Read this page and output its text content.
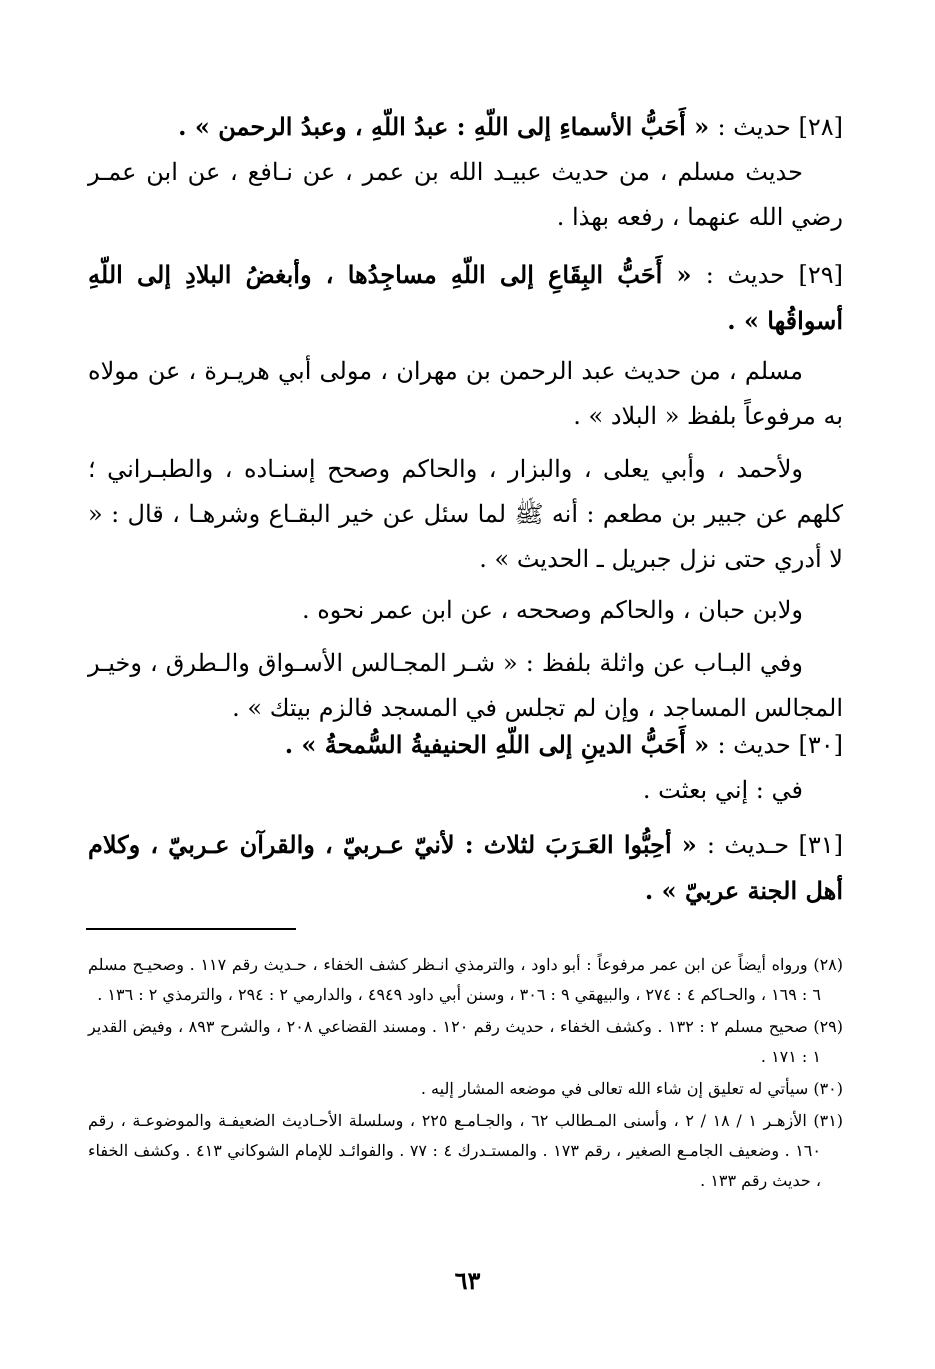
[٢٨] حديث : « أَحَبُّ الأسماءِ إلى اللّهِ : عبدُ اللّهِ ، وعبدُ الرحمن » .

حديث مسلم ، من حديث عبيـد الله بن عمر ، عن نـافع ، عن ابن عمـر رضي الله عنهما ، رفعه بهذا .

[٢٩] حديث : « أَحَبُّ البِقَاعِ إلى اللّهِ مساجِدُها ، وأبغضُ البلادِ إلى اللّهِ أسواقُها » .

مسلم ، من حديث عبد الرحمن بن مهران ، مولى أبي هريـرة ، عن مولاه به مرفوعاً بلفظ « البلاد » .

ولأحمد ، وأبي يعلى ، والبزار ، والحاكم وصحح إسنـاده ، والطبـراني ؛ كلهم عن جبير بن مطعم : أنه ﷺ لما سئل عن خير البقـاع وشرهـا ، قال : « لا أدري حتى نزل جبريل ـ الحديث » .

ولابن حبان ، والحاكم وصححه ، عن ابن عمر نحوه .

وفي البـاب عن واثلة بلفظ : « شـر المجـالس الأسـواق والـطرق ، وخيـر المجالس المساجد ، وإن لم تجلس في المسجد فالزم بيتك » .

[٣٠] حديث : « أَحَبُّ الدينِ إلى اللّهِ الحنيفيةُ السُّمحةُ » .

في : إني بعثت .

[٣١] حـديث : « أحِبُّوا العَـرَبَ لثلاث : لأنيّ عـربيّ ، والقرآن عـربيّ ، وكلام أهل الجنة عربيّ » .

(٢٨) ورواه أيضاً عن ابن عمر مرفوعاً : أبو داود ، والترمذي انـظر كشف الخفاء ، حـديث رقم ١١٧ . وصحيـح مسلم ٦ : ١٦٩ ، والحـاكم ٤ : ٢٧٤ ، والبيهقي ٩ : ٣٠٦ ، وسنن أبي داود ٤٩٤٩ ، والدارمي ٢ : ٢٩٤ ، والترمذي ٢ : ١٣٦ .

(٢٩) صحيح مسلم ٢ : ١٣٢ . وكشف الخفاء ، حديث رقم ١٢٠ . ومسند القضاعي ٢٠٨ ، والشرح ٨٩٣ ، وفيض القدير ١ : ١٧١ .

(٣٠) سيأتي له تعليق إن شاء الله تعالى في موضعه المشار إليه .

(٣١) الأزهـر ١ / ١٨ / ٢ ، وأسنى المـطالب ٦٢ ، والجـامـع ٢٢٥ ، وسلسلة الأحـاديث الضعيفـة والموضوعـة ، رقم ١٦٠ . وضعيف الجامـع الصغير ، رقم ١٧٣ . والمستـدرك ٤ : ٧٧ . والفوائـد للإمام الشوكاني ٤١٣ . وكشف الخفاء ، حديث رقم ١٣٣ .

٦٣
